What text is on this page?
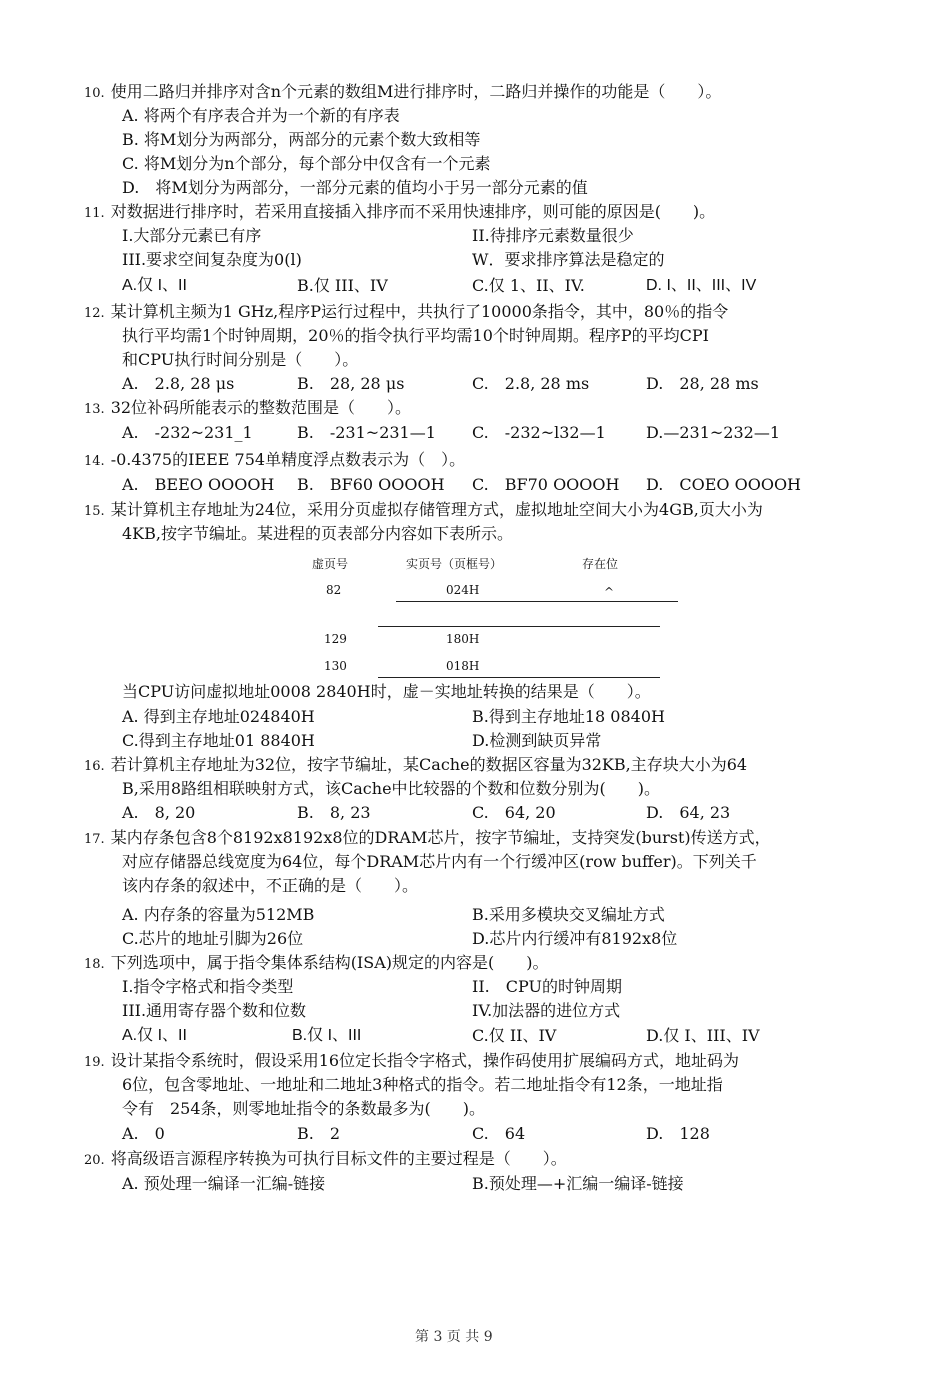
10. 使用二路归并排序对含n个元素的数组M进行排序时，二路归并操作的功能是（　　）。
A. 将两个有序表合并为一个新的有序表
B. 将M划分为两部分，两部分的元素个数大致相等
C. 将M划分为n个部分，每个部分中仅含有一个元素
D.　将M划分为两部分，一部分元素的值均小于另一部分元素的值
11. 对数据进行排序时，若采用直接插入排序而不采用快速排序，则可能的原因是(　　)。
I.大部分元素已有序	II.待排序元素数量很少
III.要求空间复杂度为0(l)	W．要求排序算法是稳定的
A.仅 I、II	B.仅 III、IV	C.仅 1、II、IV.	D. I、II、III、IV
12. 某计算机主频为1 GHz,程序P运行过程中，共执行了10000条指令，其中，80％的指令
执行平均需1个时钟周期，20％的指令执行平均需10个时钟周期。程序P的平均CPI
和CPU执行时间分别是（　　）。
A.　2.8, 28 μs	B.　28, 28 μs	C.　2.8, 28 ms	D.　28, 28 ms
13. 32位补码所能表示的整数范围是（　　）。
A.　-232~231_1	B.　-231~231—1 C.　-232~l32—1	D.—231~232—1
14. -0.4375的IEEE 754单精度浮点数表示为（　）。
A.　BEEO OOOOH B.　BF60 OOOOH C.　BF70 OOOOH D.　COEO OOOOH
15. 某计算机主存地址为24位，采用分页虚拟存储管理方式，虚拟地址空间大小为4GB,页大小为
4KB,按字节编址。某进程的页表部分内容如下表所示。
虚页号	实页号（页框号）	存在位
82	024H	^
129	180H
130	018H
当CPU访问虚拟地址0008 2840H时，虚－实地址转换的结果是（　　）。
A. 得到主存地址024840H	B.得到主存地址18 0840H
C.得到主存地址01 8840H	D.检测到缺页异常
16. 若计算机主存地址为32位，按字节编址，某Cache的数据区容量为32KB,主存块大小为64
B,采用8路组相联映射方式，该Cache中比较器的个数和位数分别为(　　)。
A.　8, 20	B.　8, 23	C.　64, 20	D.　64, 23
17. 某内存条包含8个8192x8192x8位的DRAM芯片，按字节编址，支持突发(burst)传送方式，
对应存储器总线宽度为64位，每个DRAM芯片内有一个行缓冲区(row buffer)。下列关千
该内存条的叙述中，不正确的是（　　）。
A. 内存条的容量为512MB	B.采用多模块交叉编址方式
C.芯片的地址引脚为26位	D.芯片内行缓冲有8192x8位
18. 下列选项中，属于指令集体系结构(ISA)规定的内容是(　　)。
I.指令字格式和指令类型	II.　CPU的时钟周期
III.通用寄存器个数和位数	IV.加法器的进位方式
A.仅 I、II	B.仅 I、III	C.仅 II、IV	D.仅 I、III、IV
19. 设计某指令系统时，假设采用16位定长指令字格式，操作码使用扩展编码方式，地址码为
6位，包含零地址、一地址和二地址3种格式的指令。若二地址指令有12条，一地址指
令有　254条，则零地址指令的条数最多为(　　)。
A.　0	B.　2	C.　64	D.　128
20. 将高级语言源程序转换为可执行目标文件的主要过程是（　　）。
A. 预处理一编译一汇编-链接	B.预处理—+汇编一编译-链接
第 3 页 共 9
